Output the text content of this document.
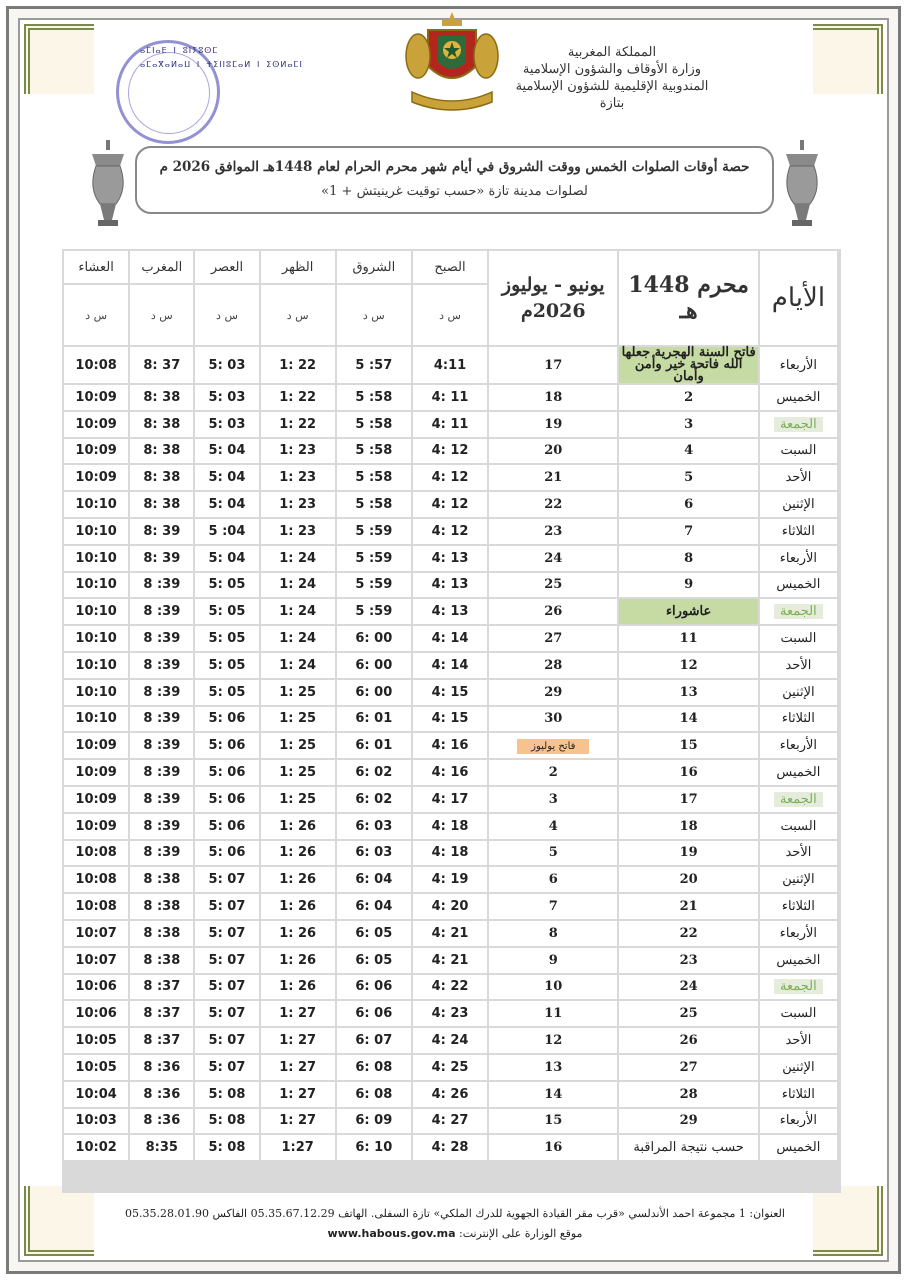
ⴰⵎⵏⴰⴹ ⵏ ⵓⵏⵢⵓⵙⵎ
ⴰⵎⴰⴳⴰⵍⴰⵡ ⵏ ⵜⵉⵏⵏⵓⵎⴰⵍ ⵏ ⵉⵙⵍⴰⵎⵏ
المملكة المغربية
وزارة الأوقاف والشؤون الإسلامية
المندوبية الإقليمية للشؤون الإسلامية
بتازة
حصة أوقات الصلوات الخمس ووقت الشروق في أيام شهر محرم الحرام لعام 1448هـ الموافق 2026 م
لصلوات مدينة تازة «حسب توقيت غرينيتش + 1»
الأيام	محرم 1448 هـ	يونيو - يوليوز 2026م	الصبح	الشروق	الظهر	العصر	المغرب	العشاء
			س د	س د	س د	س د	س د	س د
الأربعاء	فاتح السنة الهجرية جعلها الله فاتحة خير وأمن وأمان	17	4:11	5 :57	1: 22	5: 03	8: 37	10:08
الخميس	2	18	4: 11	5 :58	1: 22	5: 03	8: 38	10:09
الجمعة	3	19	4: 11	5 :58	1: 22	5: 03	8: 38	10:09
السبت	4	20	4: 12	5 :58	1: 23	5: 04	8: 38	10:09
الأحد	5	21	4: 12	5 :58	1: 23	5: 04	8: 38	10:09
الإثنين	6	22	4: 12	5 :58	1: 23	5: 04	8: 38	10:10
الثلاثاء	7	23	4: 12	5 :59	1: 23	5 :04	8: 39	10:10
الأربعاء	8	24	4: 13	5 :59	1: 24	5: 04	8: 39	10:10
الخميس	9	25	4: 13	5 :59	1: 24	5: 05	8 :39	10:10
الجمعة	عاشوراء	26	4: 13	5 :59	1: 24	5: 05	8 :39	10:10
السبت	11	27	4: 14	6: 00	1: 24	5: 05	8 :39	10:10
الأحد	12	28	4: 14	6: 00	1: 24	5: 05	8 :39	10:10
الإثنين	13	29	4: 15	6: 00	1: 25	5: 05	8 :39	10:10
الثلاثاء	14	30	4: 15	6: 01	1: 25	5: 06	8 :39	10:10
الأربعاء	15	فاتح يوليوز	4: 16	6: 01	1: 25	5: 06	8 :39	10:09
الخميس	16	2	4: 16	6: 02	1: 25	5: 06	8 :39	10:09
الجمعة	17	3	4: 17	6: 02	1: 25	5: 06	8 :39	10:09
السبت	18	4	4: 18	6: 03	1: 26	5: 06	8 :39	10:09
الأحد	19	5	4: 18	6: 03	1: 26	5: 06	8 :39	10:08
الإثنين	20	6	4: 19	6: 04	1: 26	5: 07	8 :38	10:08
الثلاثاء	21	7	4: 20	6: 04	1: 26	5: 07	8 :38	10:08
الأربعاء	22	8	4: 21	6: 05	1: 26	5: 07	8 :38	10:07
الخميس	23	9	4: 21	6: 05	1: 26	5: 07	8 :38	10:07
الجمعة	24	10	4: 22	6: 06	1: 26	5: 07	8 :37	10:06
السبت	25	11	4: 23	6: 06	1: 27	5: 07	8 :37	10:06
الأحد	26	12	4: 24	6: 07	1: 27	5: 07	8 :37	10:05
الإثنين	27	13	4: 25	6: 08	1: 27	5: 07	8 :36	10:05
الثلاثاء	28	14	4: 26	6: 08	1: 27	5: 08	8 :36	10:04
الأربعاء	29	15	4: 27	6: 09	1: 27	5: 08	8 :36	10:03
الخميس	حسب نتيجة المراقبة	16	4: 28	6: 10	1:27	5: 08	8:35	10:02
العنوان: 1 مجموعة احمد الأندلسي «قرب مقر القيادة الجهوية للدرك الملكي» تازة السفلى. الهاتف 05.35.67.12.29 الفاكس 05.35.28.01.90
موقع الوزارة على الإنترنت: www.habous.gov.ma
